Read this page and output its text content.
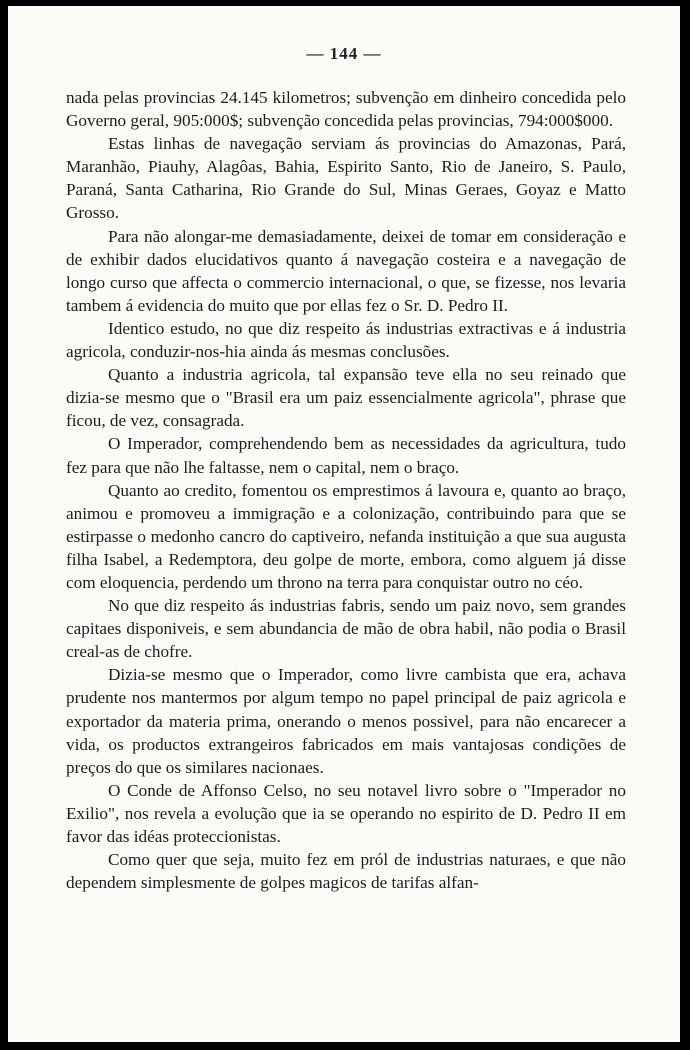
— 144 —

nada pelas provincias 24.145 kilometros; subvenção em dinheiro concedida pelo Governo geral, 905:000$; subvenção concedida pelas provincias, 794:000$000.

Estas linhas de navegação serviam ás provincias do Amazonas, Pará, Maranhão, Piauhy, Alagôas, Bahia, Espirito Santo, Rio de Janeiro, S. Paulo, Paraná, Santa Catharina, Rio Grande do Sul, Minas Geraes, Goyaz e Matto Grosso.

Para não alongar-me demasiadamente, deixei de tomar em consideração e de exhibir dados elucidativos quanto á navegação costeira e a navegação de longo curso que affecta o commercio internacional, o que, se fizesse, nos levaria tambem á evidencia do muito que por ellas fez o Sr. D. Pedro II.

Identico estudo, no que diz respeito ás industrias extractivas e á industria agricola, conduzir-nos-hia ainda ás mesmas conclusões.

Quanto a industria agricola, tal expansão teve ella no seu reinado que dizia-se mesmo que o "Brasil era um paiz essencialmente agricola", phrase que ficou, de vez, consagrada.

O Imperador, comprehendendo bem as necessidades da agricultura, tudo fez para que não lhe faltasse, nem o capital, nem o braço.

Quanto ao credito, fomentou os emprestimos á lavoura e, quanto ao braço, animou e promoveu a immigração e a colonização, contribuindo para que se estirpasse o medonho cancro do captiveiro, nefanda instituição a que sua augusta filha Isabel, a Redemptora, deu golpe de morte, embora, como alguem já disse com eloquencia, perdendo um throno na terra para conquistar outro no céo.

No que diz respeito ás industrias fabris, sendo um paiz novo, sem grandes capitaes disponiveis, e sem abundancia de mão de obra habil, não podia o Brasil creal-as de chofre.

Dizia-se mesmo que o Imperador, como livre cambista que era, achava prudente nos mantermos por algum tempo no papel principal de paiz agricola e exportador da materia prima, onerando o menos possivel, para não encarecer a vida, os productos extrangeiros fabricados em mais vantajosas condições de preços do que os similares nacionaes.

O Conde de Affonso Celso, no seu notavel livro sobre o "Imperador no Exilio", nos revela a evolução que ia se operando no espirito de D. Pedro II em favor das idéas proteccionistas.

Como quer que seja, muito fez em pról de industrias naturaes, e que não dependem simplesmente de golpes magicos de tarifas alfan-
